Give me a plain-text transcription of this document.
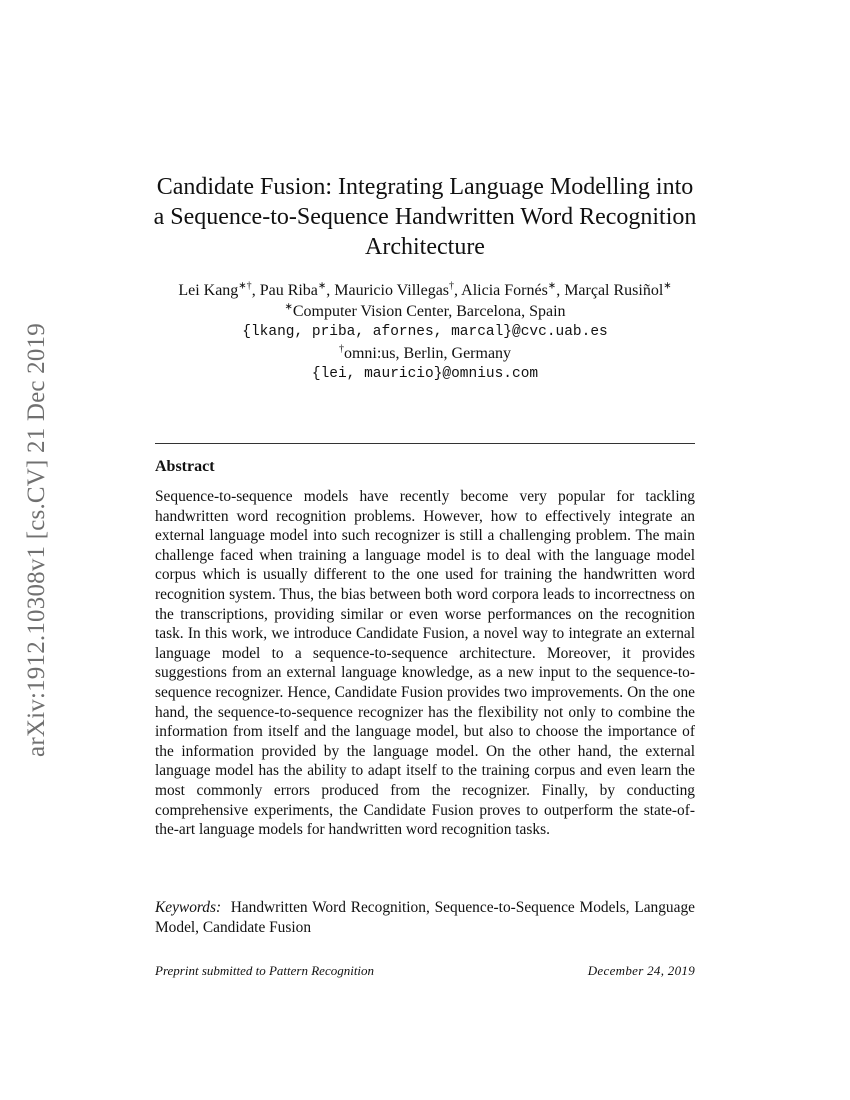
arXiv:1912.10308v1 [cs.CV] 21 Dec 2019
Candidate Fusion: Integrating Language Modelling into
a Sequence-to-Sequence Handwritten Word Recognition
Architecture
Lei Kang∗†, Pau Riba∗, Mauricio Villegas†, Alicia Fornés∗, Marçal Rusiñol∗
∗Computer Vision Center, Barcelona, Spain
{lkang, priba, afornes, marcal}@cvc.uab.es
†omni:us, Berlin, Germany
{lei, mauricio}@omnius.com
Abstract

Sequence-to-sequence models have recently become very popular for tackling handwritten word recognition problems. However, how to effectively integrate an external language model into such recognizer is still a challenging problem. The main challenge faced when training a language model is to deal with the language model corpus which is usually different to the one used for training the handwritten word recognition system. Thus, the bias between both word corpora leads to incorrectness on the transcriptions, providing similar or even worse performances on the recognition task. In this work, we introduce Candidate Fusion, a novel way to integrate an external language model to a sequence-to-sequence architecture. Moreover, it provides suggestions from an external language knowledge, as a new input to the sequence-to-sequence recognizer. Hence, Candidate Fusion provides two improvements. On the one hand, the sequence-to-sequence recognizer has the flexibility not only to combine the information from itself and the language model, but also to choose the importance of the information provided by the language model. On the other hand, the external language model has the ability to adapt itself to the training corpus and even learn the most commonly errors produced from the recognizer. Finally, by conducting comprehensive experiments, the Candidate Fusion proves to outperform the state-of-the-art language models for handwritten word recognition tasks.

Keywords: Handwritten Word Recognition, Sequence-to-Sequence Models, Language Model, Candidate Fusion

Preprint submitted to Pattern Recognition	December 24, 2019
